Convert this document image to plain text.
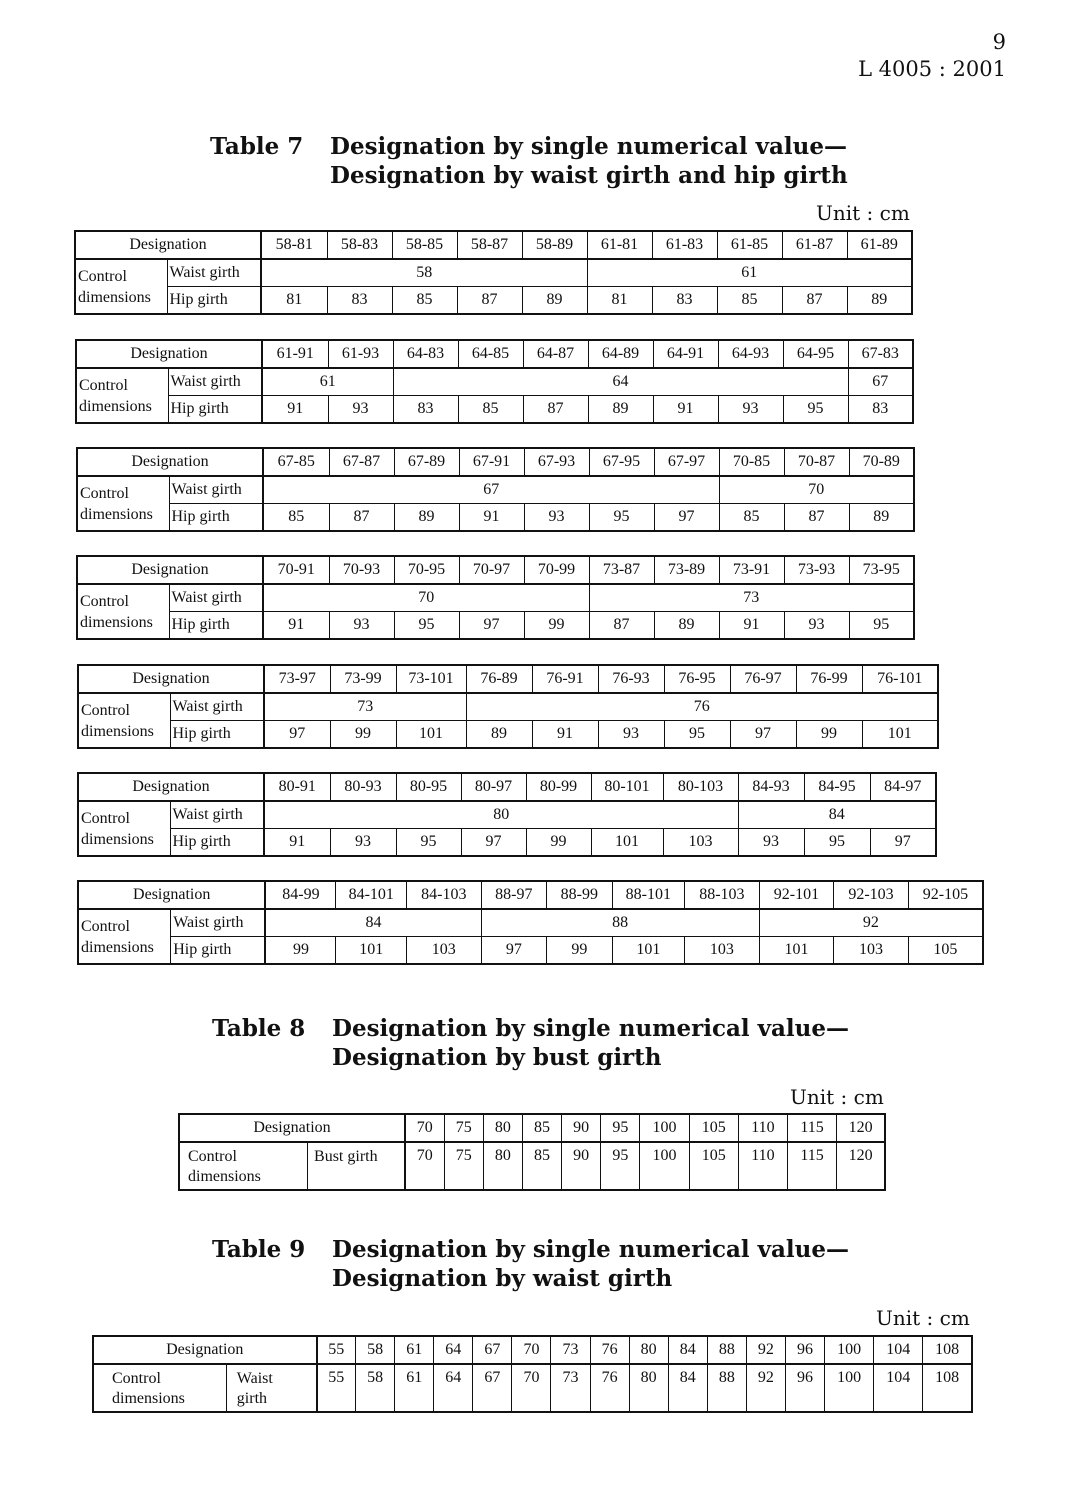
9
L 4005 : 2001
Table 7 Designation by single numerical value—
Designation by waist girth and hip girth
Unit : cm
Designation		58-81	58-83	58-85	58-87	58-89	61-81	61-83	61-85	61-87	61-89
Control
dimensions	Waist girth	58					61				
	Hip girth	81	83	85	87	89	81	83	85	87	89
Designation		61-91	61-93	64-83	64-85	64-87	64-89	64-91	64-93	64-95	67-83
Control
dimensions	Waist girth	61		64							67
	Hip girth	91	93	83	85	87	89	91	93	95	83
Designation		67-85	67-87	67-89	67-91	67-93	67-95	67-97	70-85	70-87	70-89
Control
dimensions	Waist girth	67							70		
	Hip girth	85	87	89	91	93	95	97	85	87	89
Designation		70-91	70-93	70-95	70-97	70-99	73-87	73-89	73-91	73-93	73-95
Control
dimensions	Waist girth	70					73				
	Hip girth	91	93	95	97	99	87	89	91	93	95
Designation		73-97	73-99	73-101	76-89	76-91	76-93	76-95	76-97	76-99	76-101
Control
dimensions	Waist girth	73			76						
	Hip girth	97	99	101	89	91	93	95	97	99	101
Designation		80-91	80-93	80-95	80-97	80-99	80-101	80-103	84-93	84-95	84-97
Control
dimensions	Waist girth	80							84		
	Hip girth	91	93	95	97	99	101	103	93	95	97
Designation		84-99	84-101	84-103	88-97	88-99	88-101	88-103	92-101	92-103	92-105
Control
dimensions	Waist girth	84			88				92		
	Hip girth	99	101	103	97	99	101	103	101	103	105
Table 8 Designation by single numerical value—
Designation by bust girth
Unit : cm
Designation		70	75	80	85	90	95	100	105	110	115	120
Control
dimensions	Bust girth	70	75	80	85	90	95	100	105	110	115	120
Table 9 Designation by single numerical value—
Designation by waist girth
Unit : cm
Designation		55	58	61	64	67	70	73	76	80	84	88	92	96	100	104	108
Control
dimensions	Waist
girth	55	58	61	64	67	70	73	76	80	84	88	92	96	100	104	108
